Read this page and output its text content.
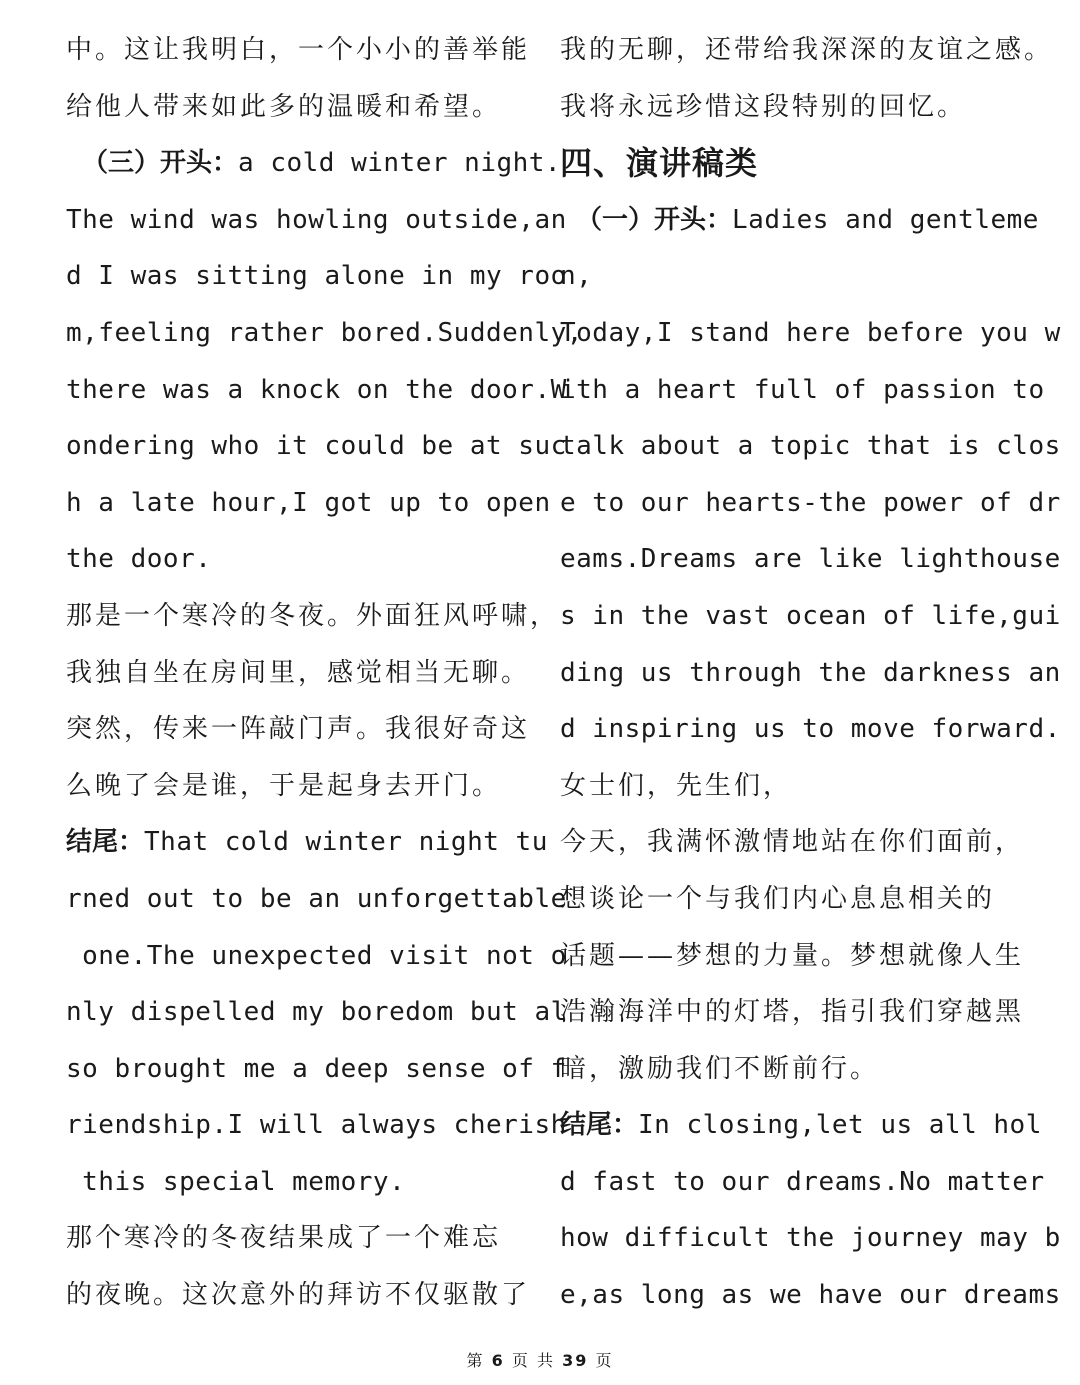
中。这让我明白，一个小小的善举能
给他人带来如此多的温暖和希望。
（三）开头：a cold winter night.
The wind was howling outside,an
d I was sitting alone in my roo
m,feeling rather bored.Suddenly,
there was a knock on the door.W
ondering who it could be at suc
h a late hour,I got up to open
the door.
那是一个寒冷的冬夜。外面狂风呼啸，
我独自坐在房间里，感觉相当无聊。
突然，传来一阵敲门声。我很好奇这
么晚了会是谁，于是起身去开门。
结尾：That cold winter night tu
rned out to be an unforgettable
one.The unexpected visit not o
nly dispelled my boredom but al
so brought me a deep sense of f
riendship.I will always cherish
this special memory.
那个寒冷的冬夜结果成了一个难忘
的夜晚。这次意外的拜访不仅驱散了
我的无聊，还带给我深深的友谊之感。
我将永远珍惜这段特别的回忆。
四、演讲稿类
（一）开头：Ladies and gentleme
n,
Today,I stand here before you w
ith a heart full of passion to
talk about a topic that is clos
e to our hearts-the power of dr
eams.Dreams are like lighthouse
s in the vast ocean of life,gui
ding us through the darkness an
d inspiring us to move forward.
女士们，先生们，
今天，我满怀激情地站在你们面前，
想谈论一个与我们内心息息相关的
话题——梦想的力量。梦想就像人生
浩瀚海洋中的灯塔，指引我们穿越黑
暗，激励我们不断前行。
结尾：In closing,let us all hol
d fast to our dreams.No matter
how difficult the journey may b
e,as long as we have our dreams
第 6 页 共 39 页
